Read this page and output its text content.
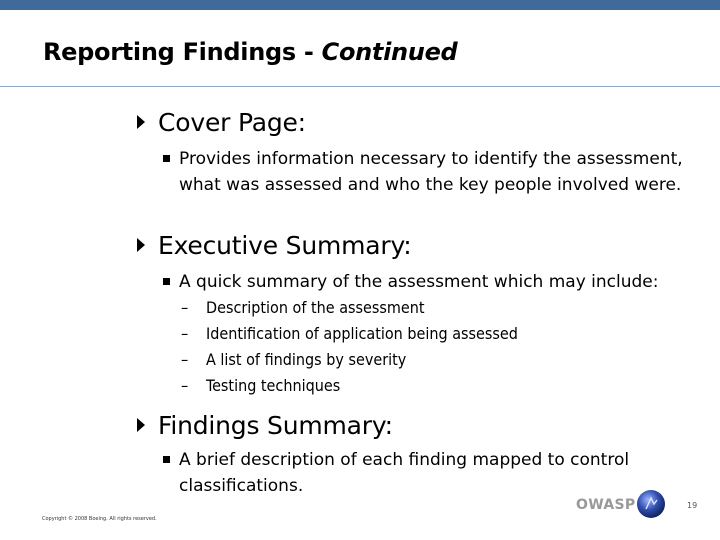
Reporting Findings - Continued
Cover Page:
Provides information necessary to identify the assessment, what was assessed and who the key people involved were.
Executive Summary:
A quick summary of the assessment which may include:
– Description of the assessment
– Identification of application being assessed
– A list of findings by severity
– Testing techniques
Findings Summary:
A brief description of each finding mapped to control classifications.
Copyright © 2008 Boeing. All rights reserved.
OWASP	19
